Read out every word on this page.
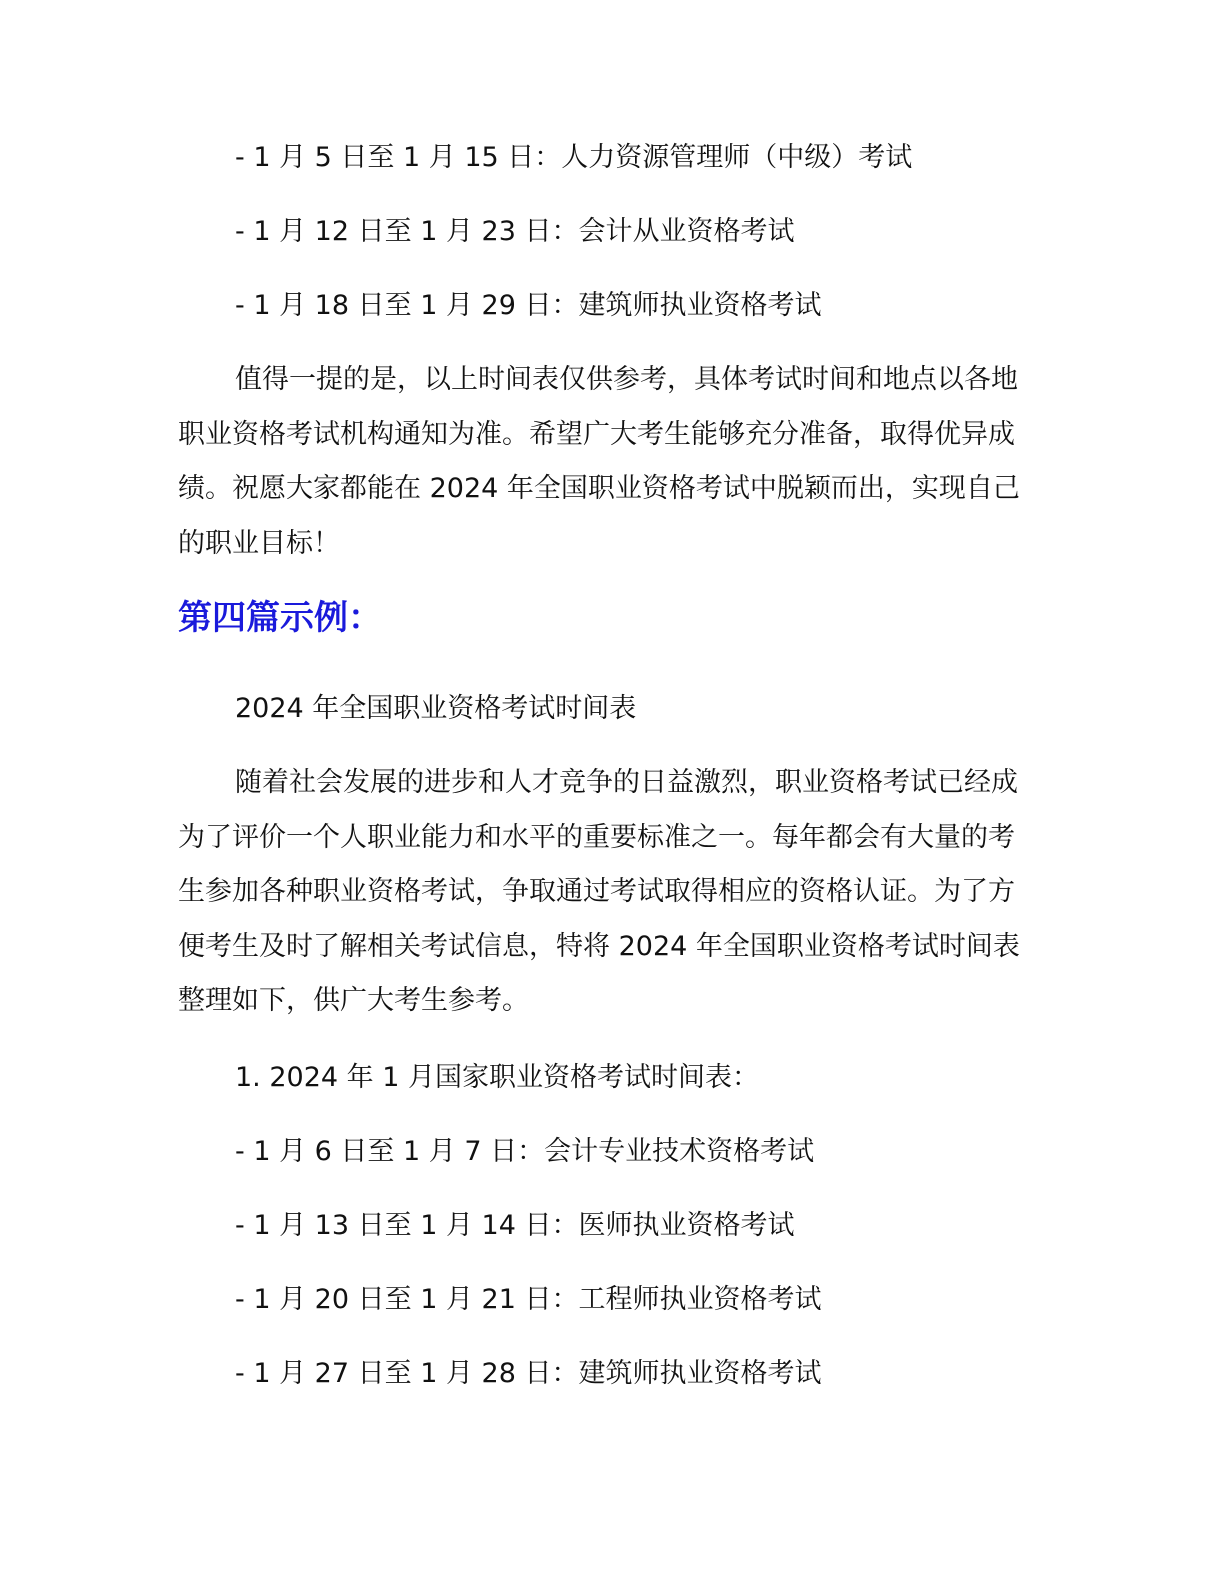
- 1 月 5 日至 1 月 15 日：人力资源管理师（中级）考试
- 1 月 12 日至 1 月 23 日：会计从业资格考试
- 1 月 18 日至 1 月 29 日：建筑师执业资格考试
值得一提的是，以上时间表仅供参考，具体考试时间和地点以各地职业资格考试机构通知为准。希望广大考生能够充分准备，取得优异成绩。祝愿大家都能在 2024 年全国职业资格考试中脱颖而出，实现自己的职业目标！
第四篇示例：
2024 年全国职业资格考试时间表
随着社会发展的进步和人才竞争的日益激烈，职业资格考试已经成为了评价一个人职业能力和水平的重要标准之一。每年都会有大量的考生参加各种职业资格考试，争取通过考试取得相应的资格认证。为了方便考生及时了解相关考试信息，特将 2024 年全国职业资格考试时间表整理如下，供广大考生参考。
1. 2024 年 1 月国家职业资格考试时间表：
- 1 月 6 日至 1 月 7 日：会计专业技术资格考试
- 1 月 13 日至 1 月 14 日：医师执业资格考试
- 1 月 20 日至 1 月 21 日：工程师执业资格考试
- 1 月 27 日至 1 月 28 日：建筑师执业资格考试
